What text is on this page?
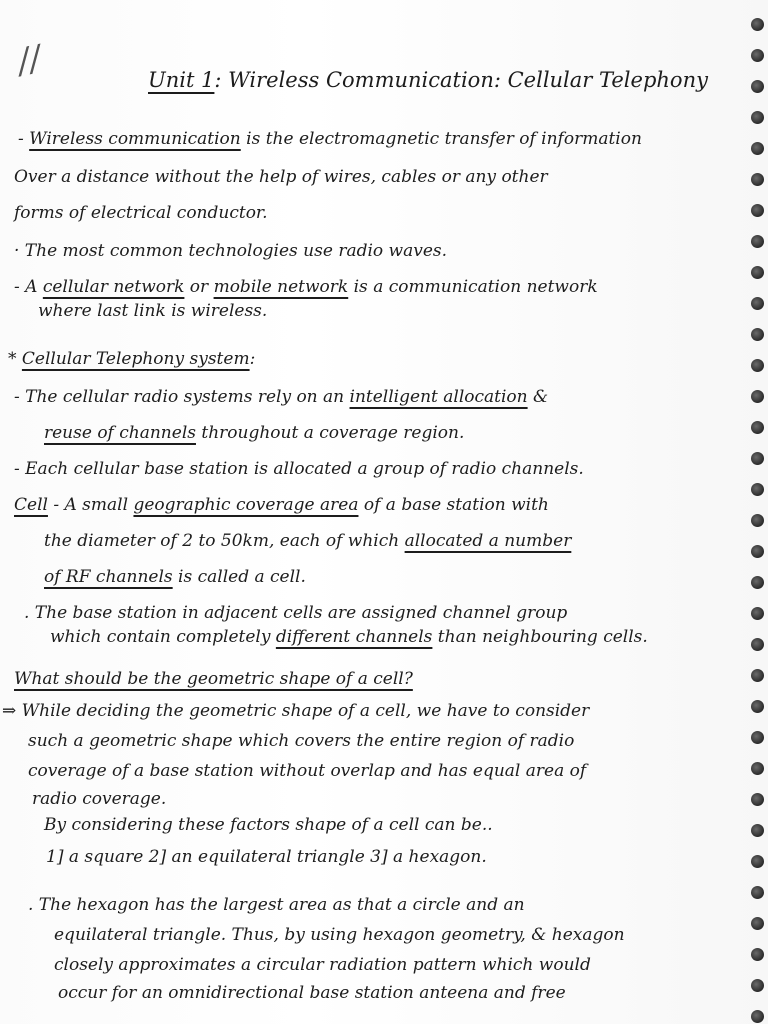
//	Unit 1: Wireless Communication: Cellular Telephony
- Wireless communication is the electromagnetic transfer of information
Over a distance without the help of wires, cables or any other
forms of electrical conductor.
· The most common technologies use radio waves.
- A cellular network or mobile network is a communication network
where last link is wireless.
* Cellular Telephony system:
- The cellular radio systems rely on an intelligent allocation &
reuse of channels throughout a coverage region.
- Each cellular base station is allocated a group of radio channels.
Cell - A small geographic coverage area of a base station with
the diameter of 2 to 50km, each of which allocated a number
of RF channels is called a cell.
. The base station in adjacent cells are assigned channel group
which contain completely different channels than neighbouring cells.
What should be the geometric shape of a cell?
⇒ While deciding the geometric shape of a cell, we have to consider
such a geometric shape which covers the entire region of radio
coverage of a base station without overlap and has equal area of
radio coverage.
By considering these factors shape of a cell can be..
1] a square 2] an equilateral triangle 3] a hexagon.
. The hexagon has the largest area as that a circle and an
equilateral triangle. Thus, by using hexagon geometry, & hexagon
closely approximates a circular radiation pattern which would
occur for an omnidirectional base station anteena and free
